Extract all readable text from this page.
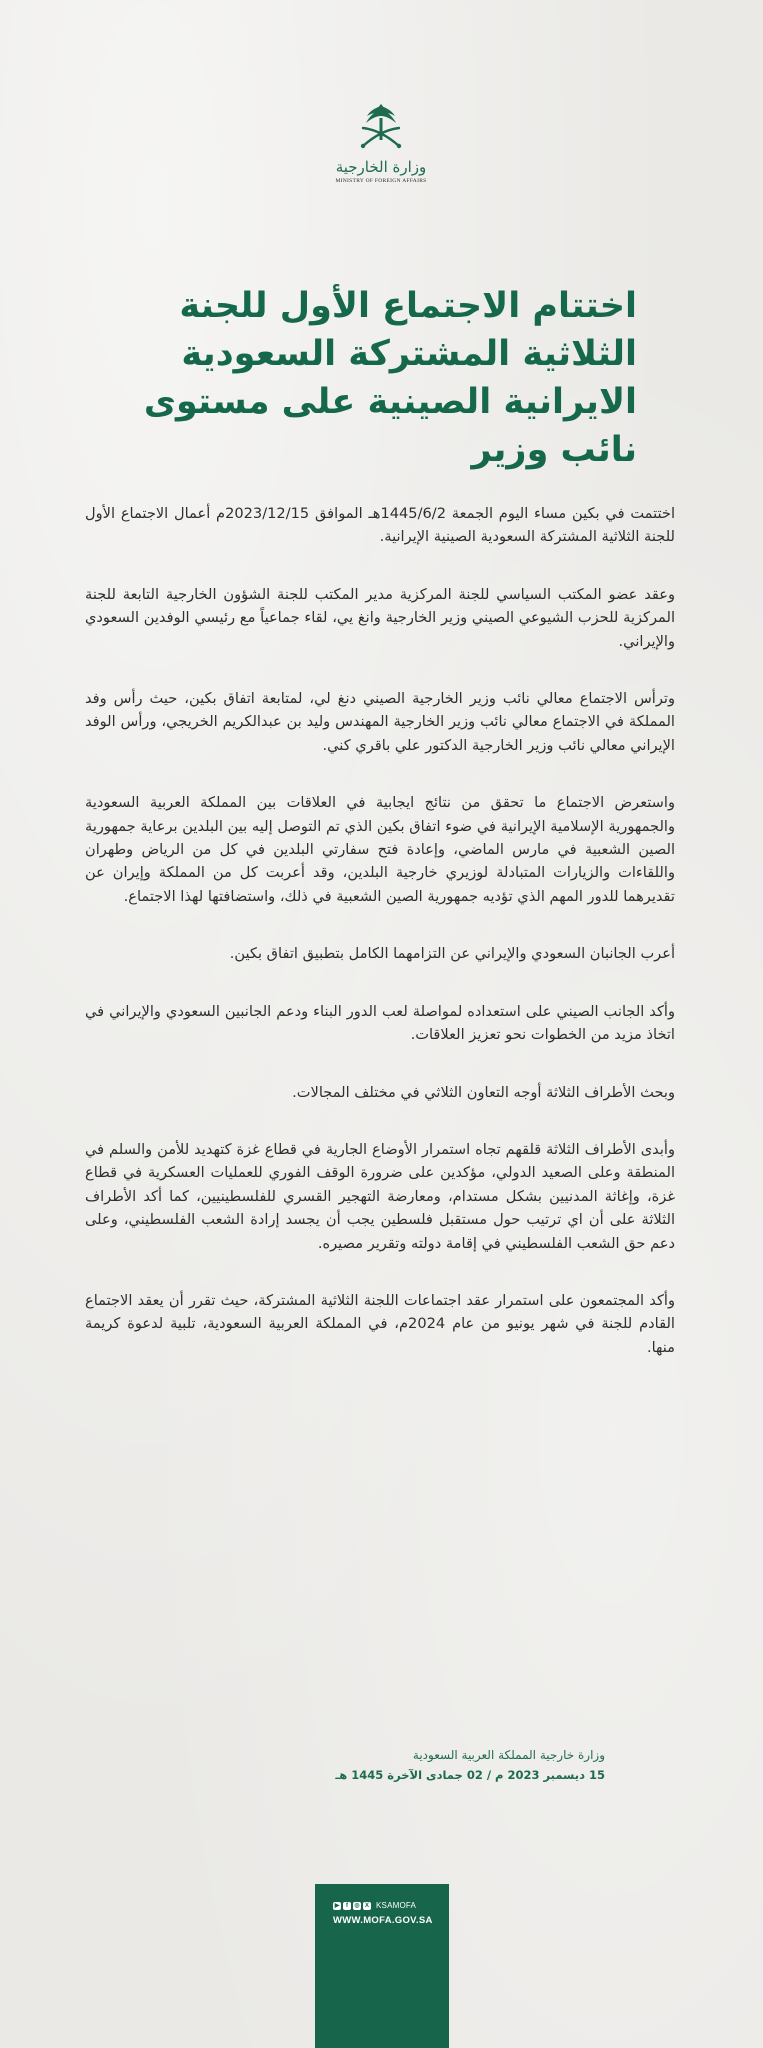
وزارة الخارجية
MINISTRY OF FOREIGN AFFAIRS
اختتام الاجتماع الأول للجنة الثلاثية المشتركة السعودية الايرانية الصينية على مستوى نائب وزير

اختتمت في بكين مساء اليوم الجمعة 1445/6/2هـ الموافق 2023/12/15م أعمال الاجتماع الأول للجنة الثلاثية المشتركة السعودية الصينية الإيرانية.

وعقد عضو المكتب السياسي للجنة المركزية مدير المكتب للجنة الشؤون الخارجية التابعة للجنة المركزية للحزب الشيوعي الصيني وزير الخارجية وانغ يي، لقاء جماعياً مع رئيسي الوفدين السعودي والإيراني.

وترأس الاجتماع معالي نائب وزير الخارجية الصيني دنغ لي، لمتابعة اتفاق بكين، حيث رأس وفد المملكة في الاجتماع معالي نائب وزير الخارجية المهندس وليد بن عبدالكريم الخريجي، ورأس الوفد الإيراني معالي نائب وزير الخارجية الدكتور علي باقري كني.

واستعرض الاجتماع ما تحقق من نتائج ايجابية في العلاقات بين المملكة العربية السعودية والجمهورية الإسلامية الإيرانية في ضوء اتفاق بكين الذي تم التوصل إليه بين البلدين برعاية جمهورية الصين الشعبية في مارس الماضي، وإعادة فتح سفارتي البلدين في كل من الرياض وطهران واللقاءات والزيارات المتبادلة لوزيري خارجية البلدين، وقد أعربت كل من المملكة وإيران عن تقديرهما للدور المهم الذي تؤديه جمهورية الصين الشعبية في ذلك، واستضافتها لهذا الاجتماع.

أعرب الجانبان السعودي والإيراني عن التزامهما الكامل بتطبيق اتفاق بكين.

وأكد الجانب الصيني على استعداده لمواصلة لعب الدور البناء ودعم الجانبين السعودي والإيراني في اتخاذ مزيد من الخطوات نحو تعزيز العلاقات.

وبحث الأطراف الثلاثة أوجه التعاون الثلاثي في مختلف المجالات.

وأبدى الأطراف الثلاثة قلقهم تجاه استمرار الأوضاع الجارية في قطاع غزة كتهديد للأمن والسلم في المنطقة وعلى الصعيد الدولي، مؤكدين على ضرورة الوقف الفوري للعمليات العسكرية في قطاع غزة، وإغاثة المدنيين بشكل مستدام، ومعارضة التهجير القسري للفلسطينيين، كما أكد الأطراف الثلاثة على أن اي ترتيب حول مستقبل فلسطين يجب أن يجسد إرادة الشعب الفلسطيني، وعلى دعم حق الشعب الفلسطيني في إقامة دولته وتقرير مصيره.

وأكد المجتمعون على استمرار عقد اجتماعات اللجنة الثلاثية المشتركة، حيث تقرر أن يعقد الاجتماع القادم للجنة في شهر يونيو من عام 2024م، في المملكة العربية السعودية، تلبية لدعوة كريمة منها.

وزارة خارجية المملكة العربية السعودية
15 ديسمبر 2023 م / 02 جمادى الآخرة 1445 هـ
▶	f	◎ X KSAMOFA
WWW.MOFA.GOV.SA
